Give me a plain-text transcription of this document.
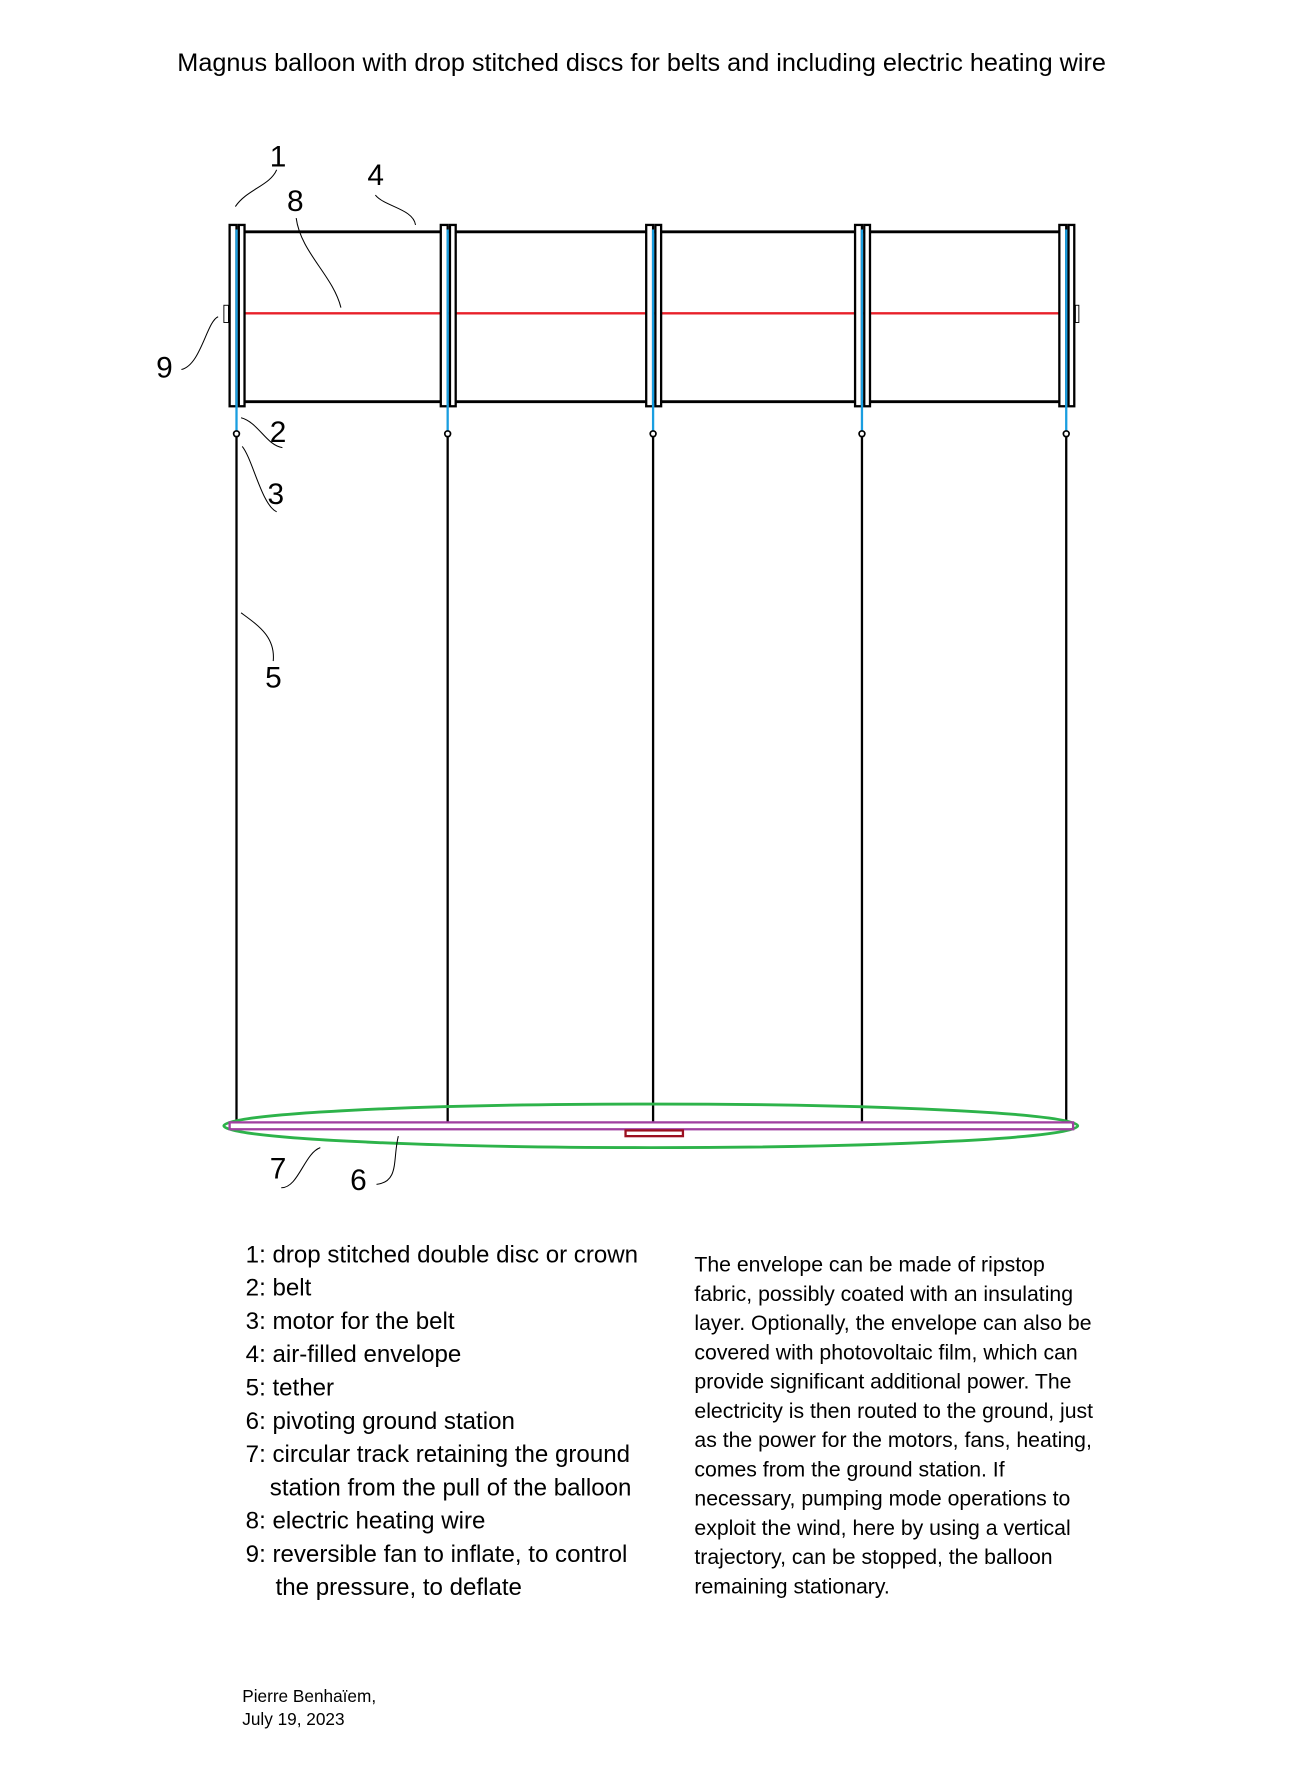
Magnus balloon with drop stitched discs for belts and including electric heating wire
1
2
3
4
5
6
7
8
9
1: drop stitched double disc or crown
2: belt
3: motor for the belt
4: air-filled envelope
5: tether
6: pivoting ground station
7: circular track retaining the ground
station from the pull of the balloon
8: electric heating wire
9: reversible fan to inflate, to control
the pressure, to deflate
The envelope can be made of ripstop
fabric, possibly coated with an insulating
layer. Optionally, the envelope can also be
covered with photovoltaic film, which can
provide significant additional power. The
electricity is then routed to the ground, just
as the power for the motors, fans, heating,
comes from the ground station. If
necessary, pumping mode operations to
exploit the wind, here by using a vertical
trajectory, can be stopped, the balloon
remaining stationary.
Pierre Benhaïem,
July 19, 2023
